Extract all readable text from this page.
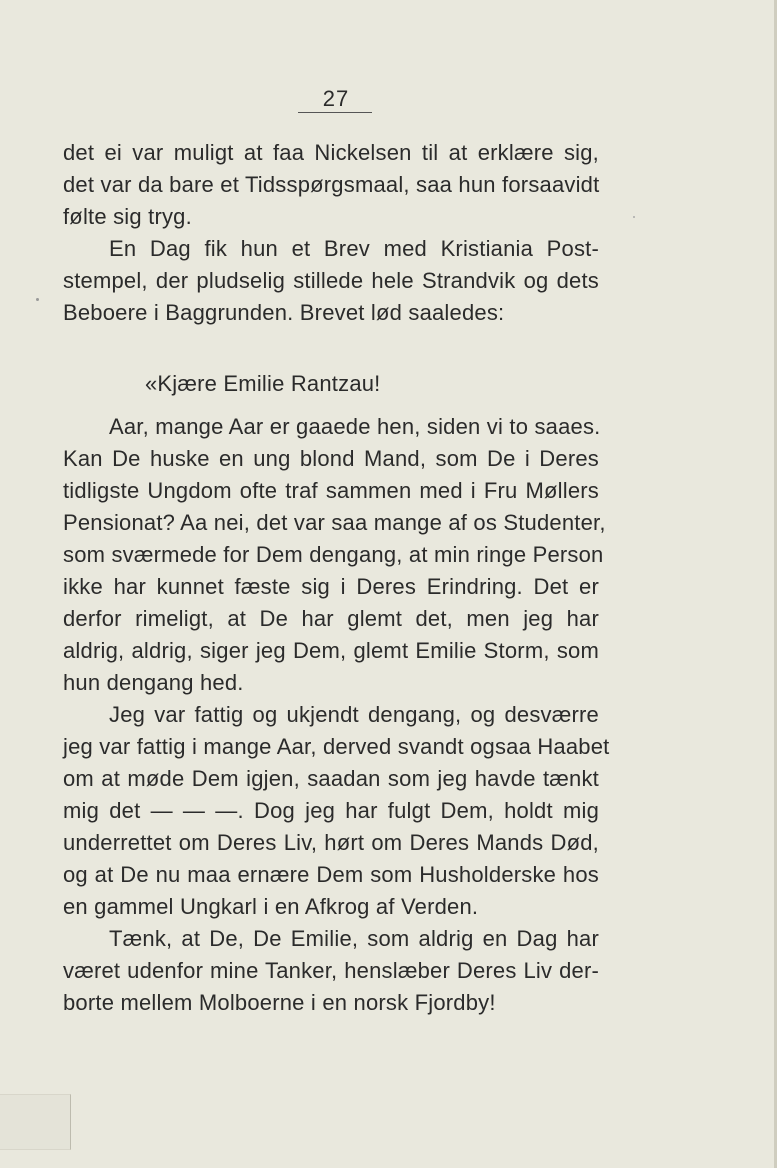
27
det ei var muligt at faa Nickelsen til at erklære sig,
det var da bare et Tidsspørgsmaal, saa hun forsaavidt
følte sig tryg.
En Dag fik hun et Brev med Kristiania Post-
stempel, der pludselig stillede hele Strandvik og dets
Beboere i Baggrunden. Brevet lød saaledes:
«Kjære Emilie Rantzau!
Aar, mange Aar er gaaede hen, siden vi to saaes.
Kan De huske en ung blond Mand, som De i Deres
tidligste Ungdom ofte traf sammen med i Fru Møllers
Pensionat? Aa nei, det var saa mange af os Studenter,
som sværmede for Dem dengang, at min ringe Person
ikke har kunnet fæste sig i Deres Erindring. Det er
derfor rimeligt, at De har glemt det, men jeg har
aldrig, aldrig, siger jeg Dem, glemt Emilie Storm, som
hun dengang hed.
Jeg var fattig og ukjendt dengang, og desværre
jeg var fattig i mange Aar, derved svandt ogsaa Haabet
om at møde Dem igjen, saadan som jeg havde tænkt
mig det — — —. Dog jeg har fulgt Dem, holdt mig
underrettet om Deres Liv, hørt om Deres Mands Død,
og at De nu maa ernære Dem som Husholderske hos
en gammel Ungkarl i en Afkrog af Verden.
Tænk, at De, De Emilie, som aldrig en Dag har
været udenfor mine Tanker, henslæber Deres Liv der-
borte mellem Molboerne i en norsk Fjordby!
